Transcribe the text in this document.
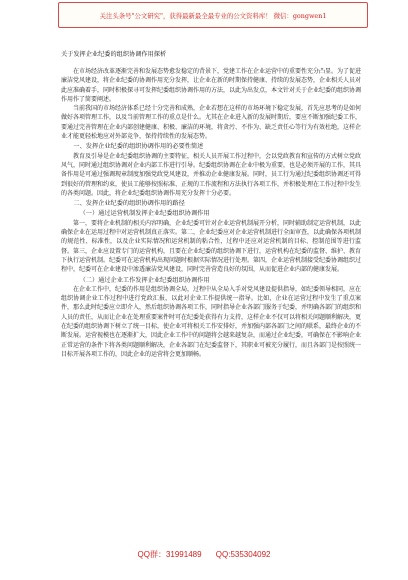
关注头条号"公文研究"，获得最新最全最专业的公文资料库！ 微信：gongwen1
关于发挥企业纪委的组织协调作用探析

在市场经济改革逐渐完善和发展态势愈发稳定的背景下，党建工作在企业运营中的重要性充分凸显。为了促进廉洁党风建设，将企业纪委的协调作用充分发挥，让企业在新的时期保持健康、持续的发展态势，企业相关人员对此应准确着手，同时积极探寻可发挥纪委组织协调作用的方法，以此为出发点，本文针对关于企业纪委的组织协调作用作了简要阐述。

当前我国的市场经济体系已经十分完善和成熟，企业若想在这样的市场环境下稳定发展，首先应思考的是如何做好各项管理工作，以及当前管理工作的重点是什么。尤其在企业进入新的发展时期后，要应不断加强纪委工作，要通过完善管理在企业内部创建健康、积极、廉洁的环境，将贪污、不作为、缺乏责任心等行为有效杜绝，这样企业才能更轻松地应对外部竞争，保持持续性的发展态势。

一、发挥企业纪委的组织协调作用的必要性简述

教育及引导是企业纪委组织协调的主要特征，相关人员开展工作过程中，会以党政教育和宣传的方式树立党政风气，同时通过组织协调对企业内部工作进行引导。纪委组织协调在企业中极为重要，也是必须开展的工作，其具备作用是可通过强调现章制度加强党政党风建设，并推动企业健康发展。同时，员工行为通过纪委组织协调还可得到很好的管理和约束，使员工能够按照标准、正规的工作流程和方法执行各项工作，并积极处理在工作过程中发生的各类问题。因此，将企业纪委组织协调作用充分发挥十分必要。

二、发挥企业纪委的组织协调作用的路径
（一）通过运营机制发挥企业纪委组织协调作用

第一，要将企业机制的相关内容明确，企业纪委可针对企业运营机制展开分析，同时辅助制定运营机制，以此确保企业在运用过程中对运营机制真正落实。第二，企业纪委应对企业运营机制进行全面审查，以此确保各项机制的规范性、标准性，以及企业实际情况和运营机制的粘合性，过程中还应对运营机制的目标、控制范围等进行监督。第三，企业应设置专门的运营机构，且要在企业纪委的组织协调下进行，运营机构在纪委的监督、维护、教育下执行运营机制。纪委可在运营机构出现问题时根据实际情况进行处理。第四，企业运营机制接受纪委协调组织过程中，纪委可在企业建设中渗透廉洁党风建设，同时完善营造良好的氛围，从而促进企业内部的健康发展。

（二）通过企业工作发挥企业纪委组织协调作用

在企业工作中，纪委的作用是组织协调全局，过程中从全局入手对党风建设提供指导，如纪委领导相同，应在组织协调企业工作过程中进行党政汇报，以此对企业工作提供统一指导。比如，企业在运营过程中发生了重点案件，那么此时纪委应立即介入，然后组织协调各项工作，同时指导企业各部门服务于纪委，并明确各部门的组织和人员的责任，从而让企业在处理重要案件时可在纪委处获得有力支持，这样企业不仅可以将相关问题顺利解决，更在纪委的组织协调下树立了统一目标，使企业可将相关工作安排好，并加强内部各部门之间的联系，最终企业的不断发展。运营视模也在逐渐扩大，因此企业工作中的问题将会越来越复杂，而通过企业纪委，可确保在不影响企业正常运营的条件下将各类问题顺利解决，企业各部门在纪委监督下，其职业可被充分履行，而且各部门是按照统一目标开展各项工作的，因此企业的运营将会更加顺畅。

QQ群：31991489 QQ:535304092
